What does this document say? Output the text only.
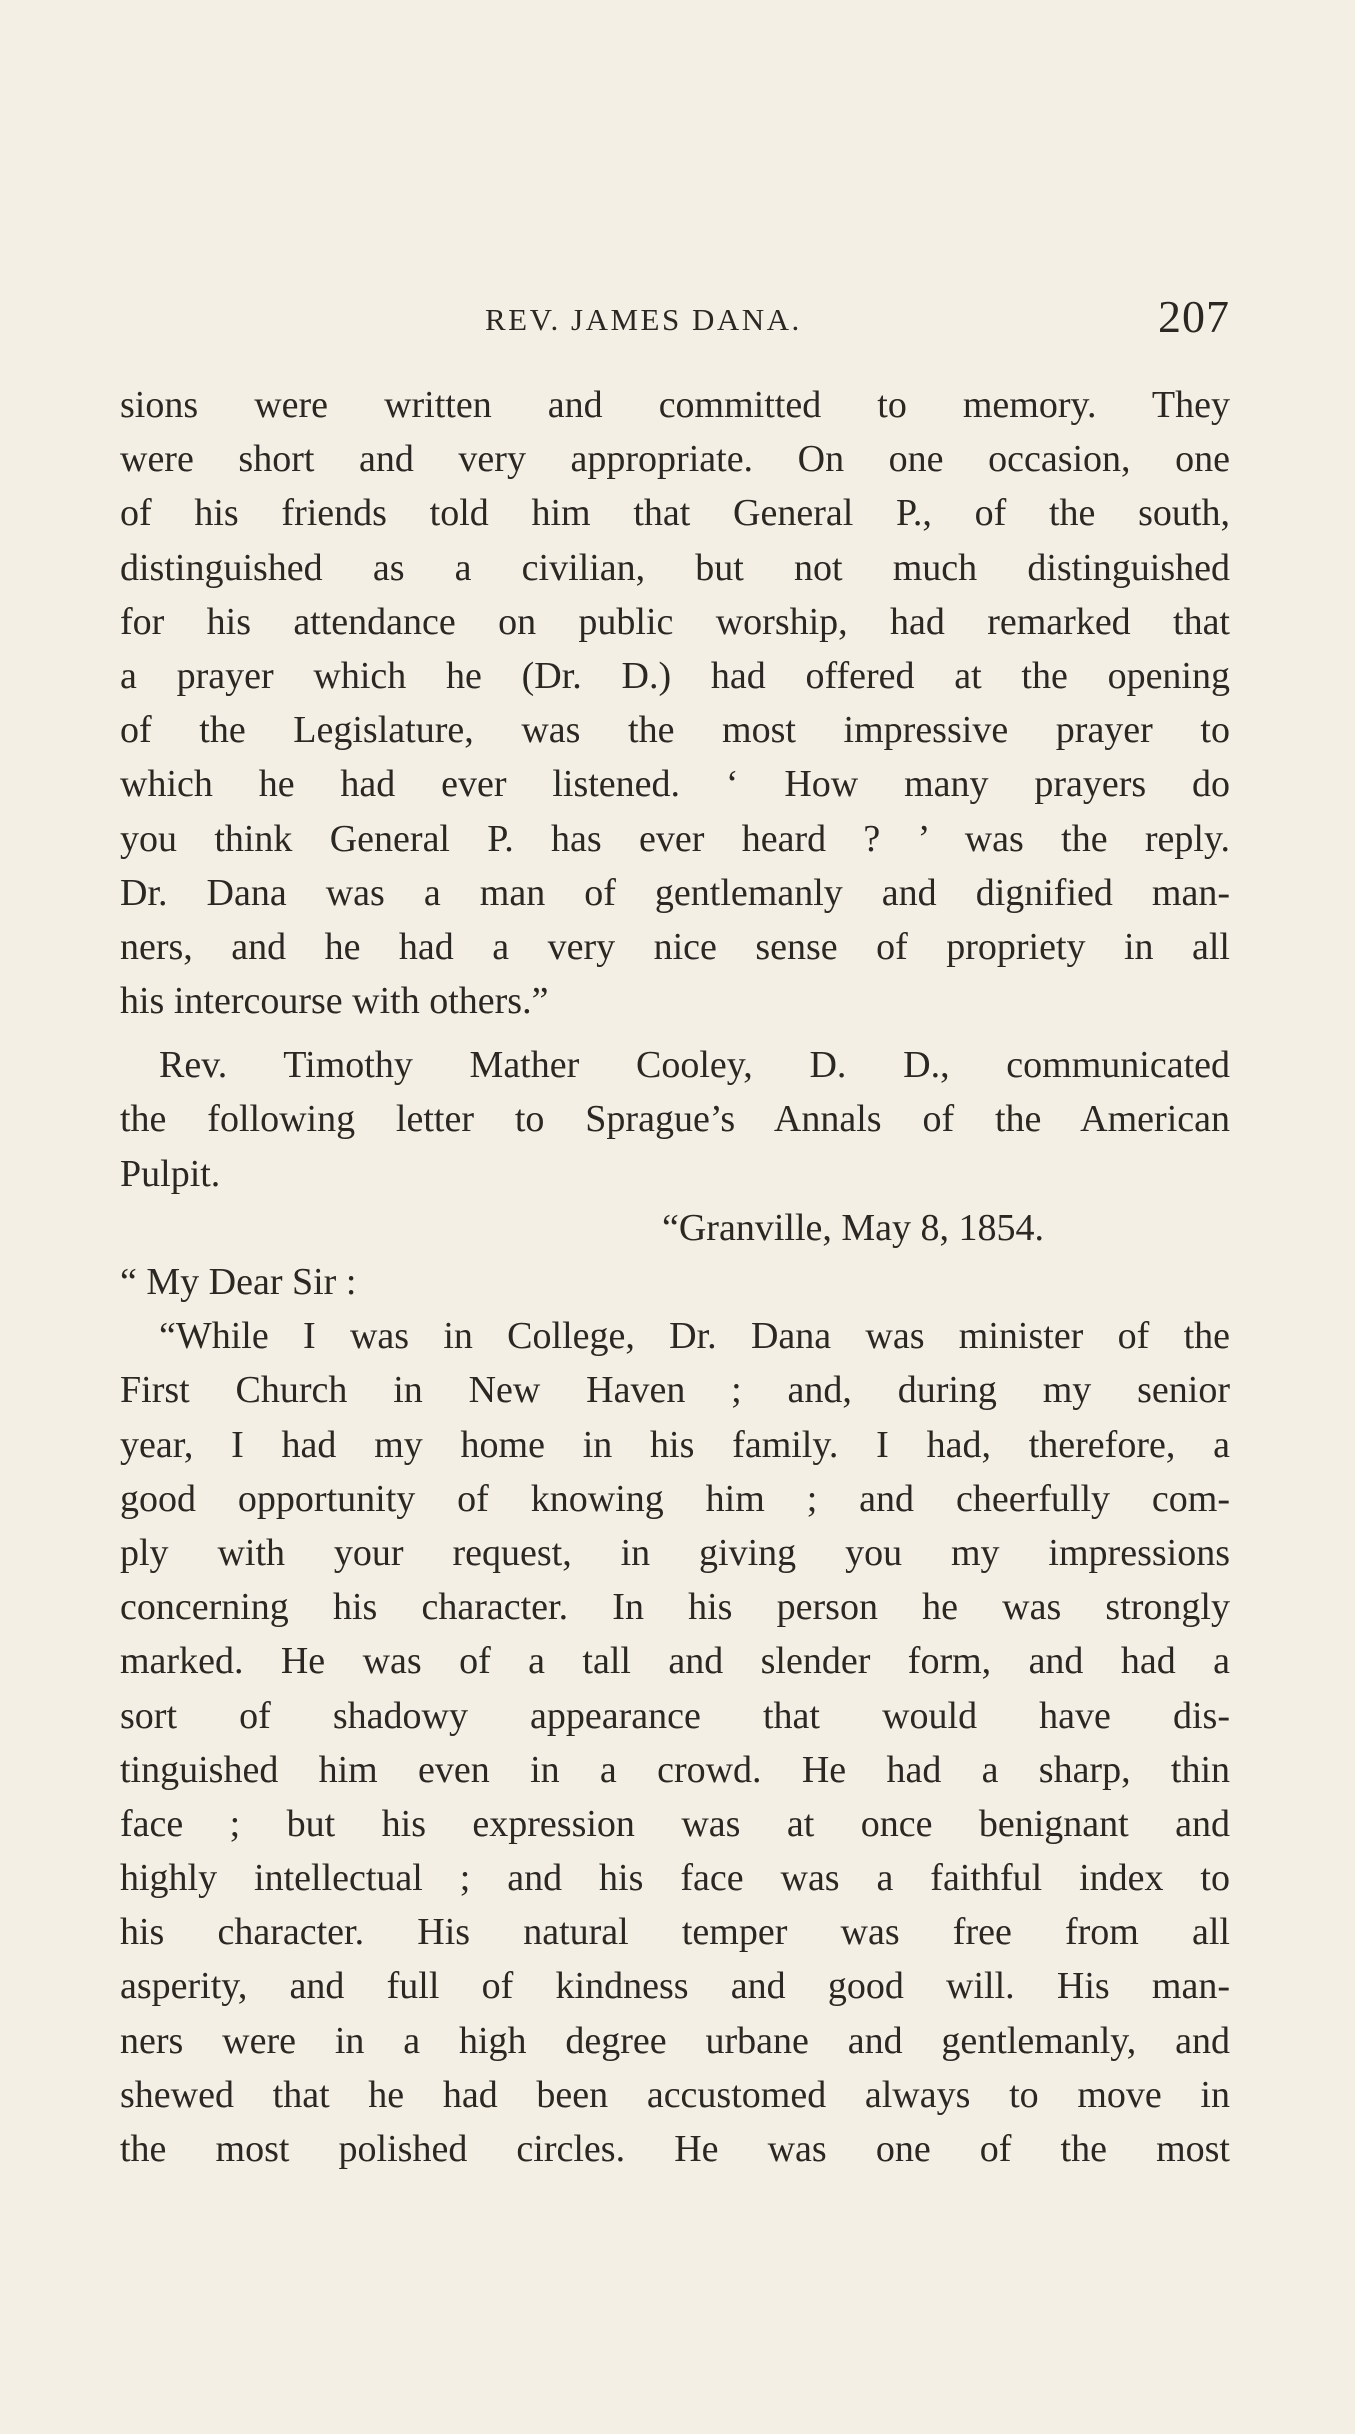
REV. JAMES DANA.	207
sions were written and committed to memory. They
were short and very appropriate. On one occasion, one
of his friends told him that General P., of the south,
distinguished as a civilian, but not much distinguished
for his attendance on public worship, had remarked that
a prayer which he (Dr. D.) had offered at the opening
of the Legislature, was the most impressive prayer to
which he had ever listened. ‘ How many prayers do
you think General P. has ever heard ? ’ was the reply.
Dr. Dana was a man of gentlemanly and dignified man-
ners, and he had a very nice sense of propriety in all
his intercourse with others.”
Rev. Timothy Mather Cooley, D. D., communicated
the following letter to Sprague’s Annals of the American
Pulpit.
“Granville, May 8, 1854.
“ My Dear Sir :
“While I was in College, Dr. Dana was minister of the
First Church in New Haven ; and, during my senior
year, I had my home in his family. I had, therefore, a
good opportunity of knowing him ; and cheerfully com-
ply with your request, in giving you my impressions
concerning his character. In his person he was strongly
marked. He was of a tall and slender form, and had a
sort of shadowy appearance that would have dis-
tinguished him even in a crowd. He had a sharp, thin
face ; but his expression was at once benignant and
highly intellectual ; and his face was a faithful index to
his character. His natural temper was free from all
asperity, and full of kindness and good will. His man-
ners were in a high degree urbane and gentlemanly, and
shewed that he had been accustomed always to move in
the most polished circles. He was one of the most
